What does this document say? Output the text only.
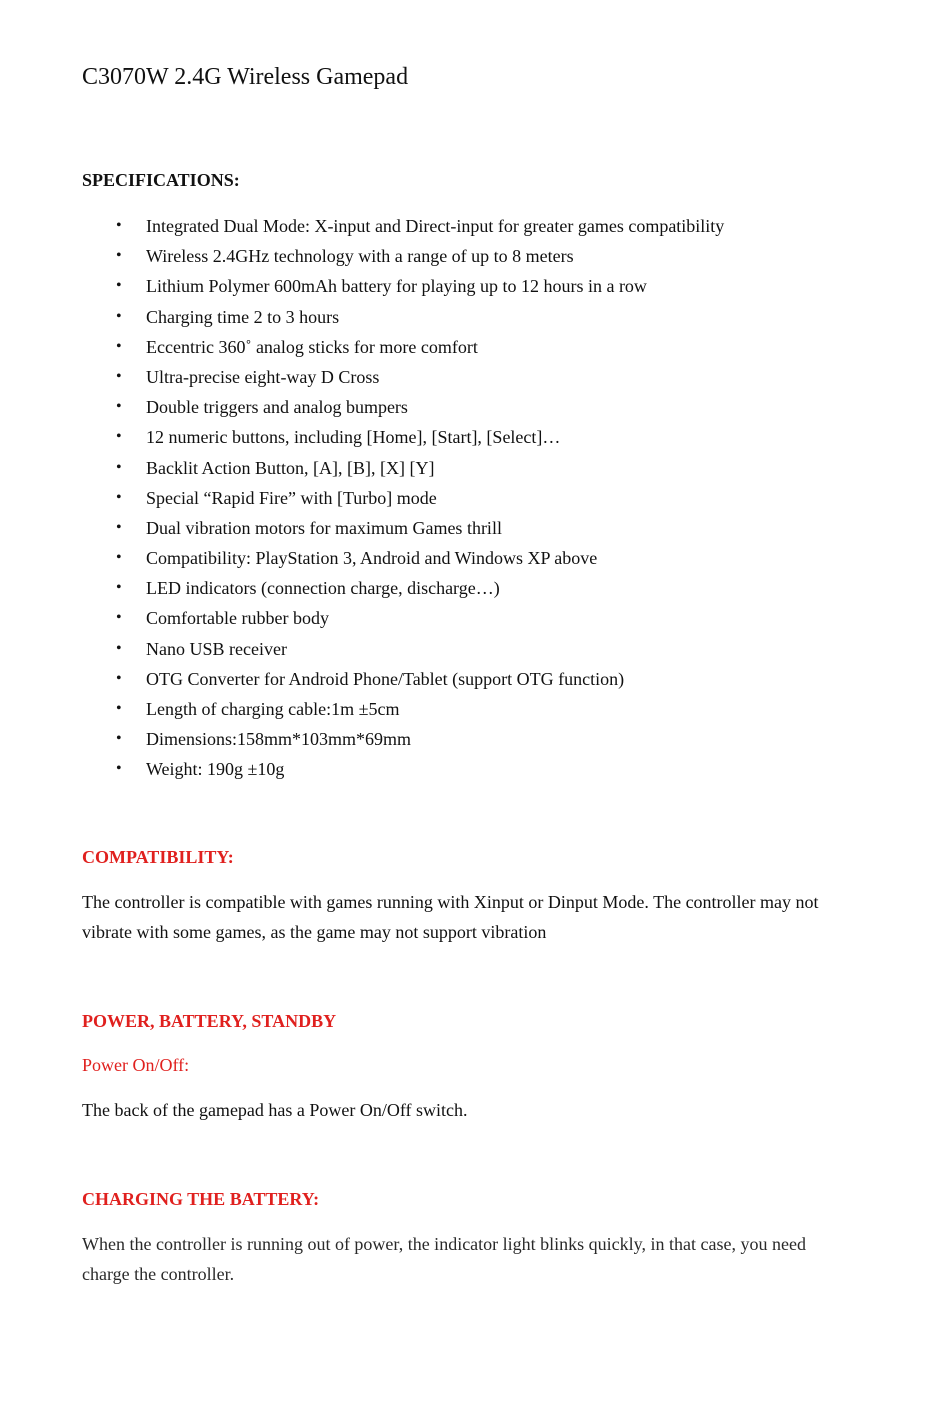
C3070W 2.4G Wireless Gamepad
SPECIFICATIONS:
• Integrated Dual Mode: X-input and Direct-input for greater games compatibility
• Wireless 2.4GHz technology with a range of up to 8 meters
• Lithium Polymer 600mAh battery for playing up to 12 hours in a row
• Charging time 2 to 3 hours
• Eccentric 360˚ analog sticks for more comfort
• Ultra-precise eight-way D Cross
• Double triggers and analog bumpers
• 12 numeric buttons, including [Home], [Start], [Select]…
• Backlit Action Button, [A], [B], [X] [Y]
• Special “Rapid Fire” with [Turbo] mode
• Dual vibration motors for maximum Games thrill
• Compatibility: PlayStation 3, Android and Windows XP above
• LED indicators (connection charge, discharge…)
• Comfortable rubber body
• Nano USB receiver
• OTG Converter for Android Phone/Tablet (support OTG function)
• Length of charging cable:1m ±5cm
• Dimensions:158mm*103mm*69mm
• Weight: 190g ±10g
COMPATIBILITY:

The controller is compatible with games running with Xinput or Dinput Mode. The controller may not vibrate with some games, as the game may not support vibration

POWER, BATTERY, STANDBY

Power On/Off:

The back of the gamepad has a Power On/Off switch.

CHARGING THE BATTERY:

When the controller is running out of power, the indicator light blinks quickly, in that case, you need charge the controller.
